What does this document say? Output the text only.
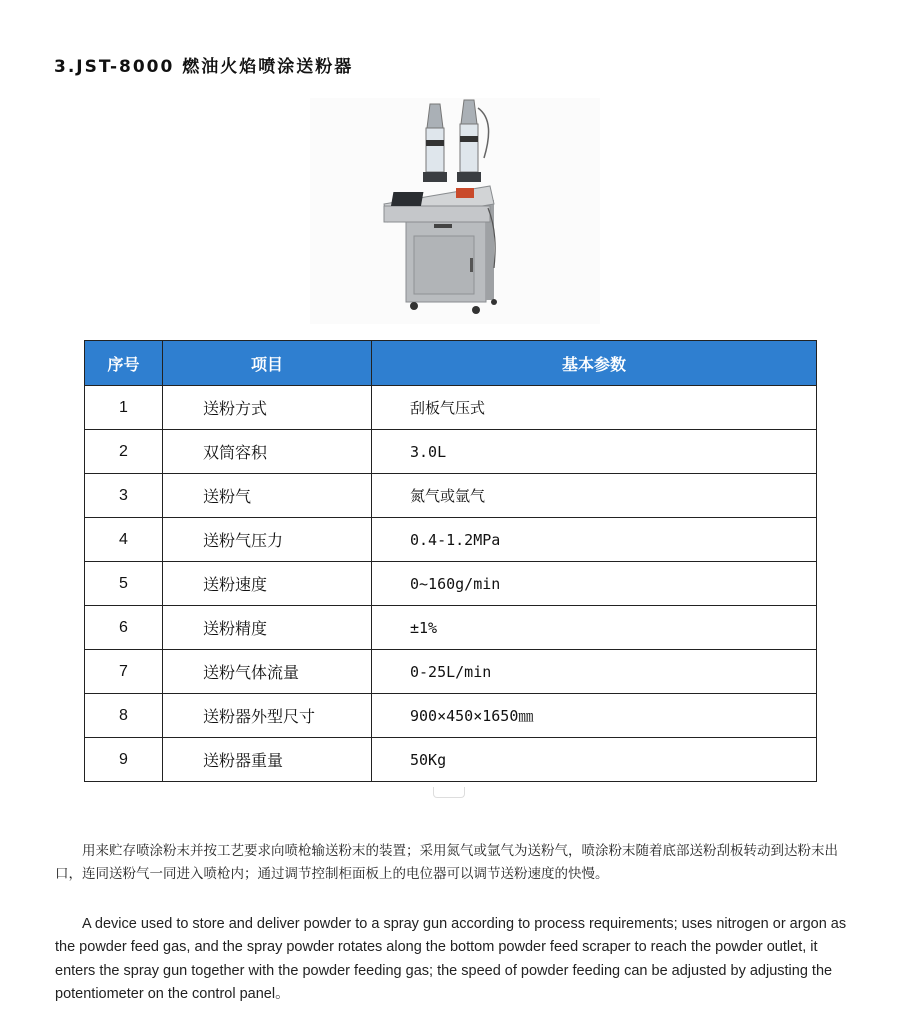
3.JST-8000 燃油火焰喷涂送粉器
序号	项目	基本参数
1	送粉方式	刮板气压式
2	双筒容积	3.0L
3	送粉气	氮气或氩气
4	送粉气压力	0.4-1.2MPa
5	送粉速度	0~160g/min
6	送粉精度	±1%
7	送粉气体流量	0-25L/min
8	送粉器外型尺寸	900×450×1650㎜
9	送粉器重量	50Kg

用来贮存喷涂粉末并按工艺要求向喷枪输送粉末的装置；采用氮气或氩气为送粉气，喷涂粉末随着底部送粉刮板转动到达粉末出口，连同送粉气一同进入喷枪内；通过调节控制柜面板上的电位器可以调节送粉速度的快慢。

A device used to store and deliver powder to a spray gun according to process requirements; uses nitrogen or argon as the powder feed gas, and the spray powder rotates along the bottom powder feed scraper to reach the powder outlet, it enters the spray gun together with the powder feeding gas; the speed of powder feeding can be adjusted by adjusting the potentiometer on the control panel。
